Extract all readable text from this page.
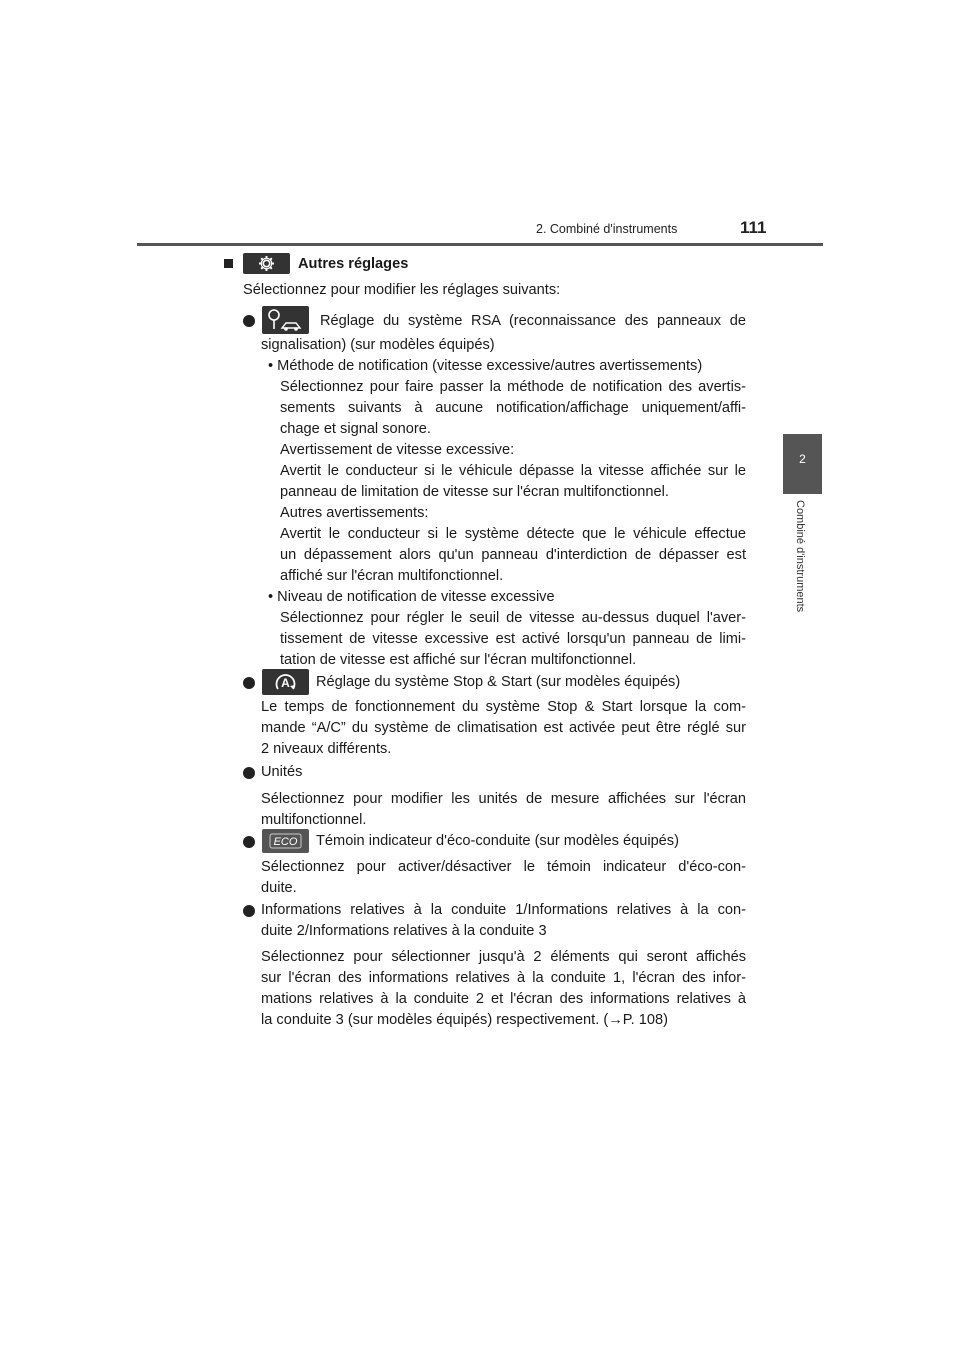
2. Combiné d'instruments	111
2
Combiné d'instruments
Autres réglages
Sélectionnez pour modifier les réglages suivants:
Réglage du système RSA (reconnaissance des panneaux de
signalisation) (sur modèles équipés)
• Méthode de notification (vitesse excessive/autres avertissements)
Sélectionnez pour faire passer la méthode de notification des avertis-
sements suivants à aucune notification/affichage uniquement/affi-
chage et signal sonore.
Avertissement de vitesse excessive:
Avertit le conducteur si le véhicule dépasse la vitesse affichée sur le
panneau de limitation de vitesse sur l'écran multifonctionnel.
Autres avertissements:
Avertit le conducteur si le système détecte que le véhicule effectue
un dépassement alors qu'un panneau d'interdiction de dépasser est
affiché sur l'écran multifonctionnel.
• Niveau de notification de vitesse excessive
Sélectionnez pour régler le seuil de vitesse au-dessus duquel l'aver-
tissement de vitesse excessive est activé lorsqu'un panneau de limi-
tation de vitesse est affiché sur l'écran multifonctionnel.
A Réglage du système Stop & Start (sur modèles équipés)
Le temps de fonctionnement du système Stop & Start lorsque la com-
mande “A/C” du système de climatisation est activée peut être réglé sur
2 niveaux différents.
Unités
Sélectionnez pour modifier les unités de mesure affichées sur l'écran
multifonctionnel.
ECO Témoin indicateur d'éco-conduite (sur modèles équipés)
Sélectionnez pour activer/désactiver le témoin indicateur d'éco-con-
duite.
Informations relatives à la conduite 1/Informations relatives à la con-
duite 2/Informations relatives à la conduite 3
Sélectionnez pour sélectionner jusqu'à 2 éléments qui seront affichés
sur l'écran des informations relatives à la conduite 1, l'écran des infor-
mations relatives à la conduite 2 et l'écran des informations relatives à
la conduite 3 (sur modèles équipés) respectivement. (→P. 108)
